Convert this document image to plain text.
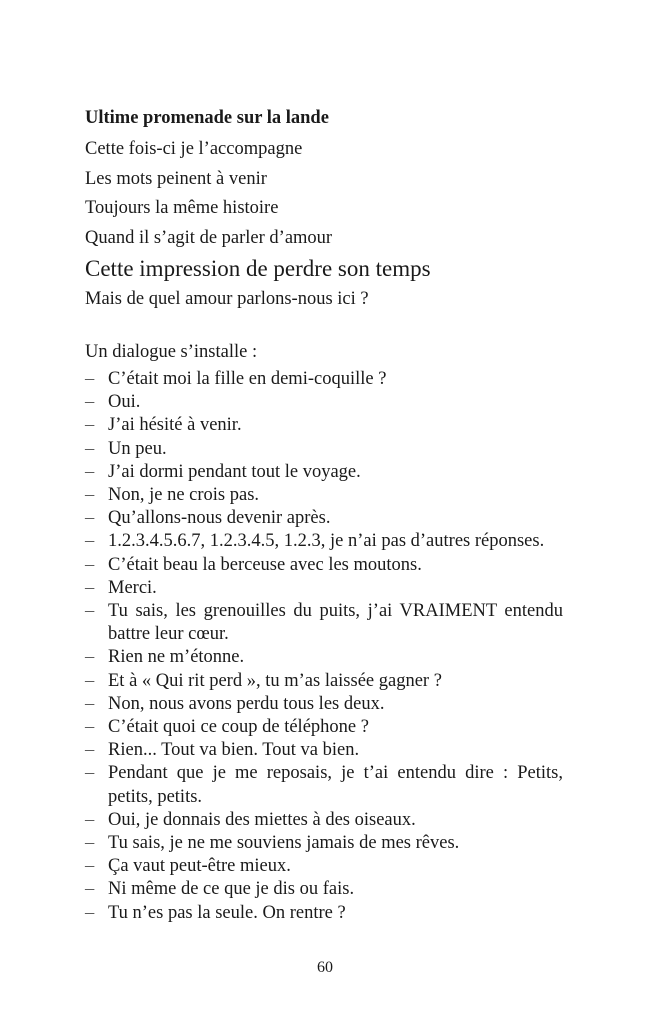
Ultime promenade sur la lande
Cette fois-ci je l’accompagne
Les mots peinent à venir
Toujours la même histoire
Quand il s’agit de parler d’amour
Cette impression de perdre son temps
Mais de quel amour parlons-nous ici ?
Un dialogue s’installe :
– C’était moi la fille en demi-coquille ?
– Oui.
– J’ai hésité à venir.
– Un peu.
– J’ai dormi pendant tout le voyage.
– Non, je ne crois pas.
– Qu’allons-nous devenir après.
– 1.2.3.4.5.6.7, 1.2.3.4.5, 1.2.3, je n’ai pas d’autres réponses.
– C’était beau la berceuse avec les moutons.
– Merci.
– Tu sais, les grenouilles du puits, j’ai VRAIMENT entendu battre leur cœur.
– Rien ne m’étonne.
– Et à « Qui rit perd », tu m’as laissée gagner ?
– Non, nous avons perdu tous les deux.
– C’était quoi ce coup de téléphone ?
– Rien... Tout va bien. Tout va bien.
– Pendant que je me reposais, je t’ai entendu dire : Petits, petits, petits.
– Oui, je donnais des miettes à des oiseaux.
– Tu sais, je ne me souviens jamais de mes rêves.
– Ça vaut peut-être mieux.
– Ni même de ce que je dis ou fais.
– Tu n’es pas la seule. On rentre ?
60
